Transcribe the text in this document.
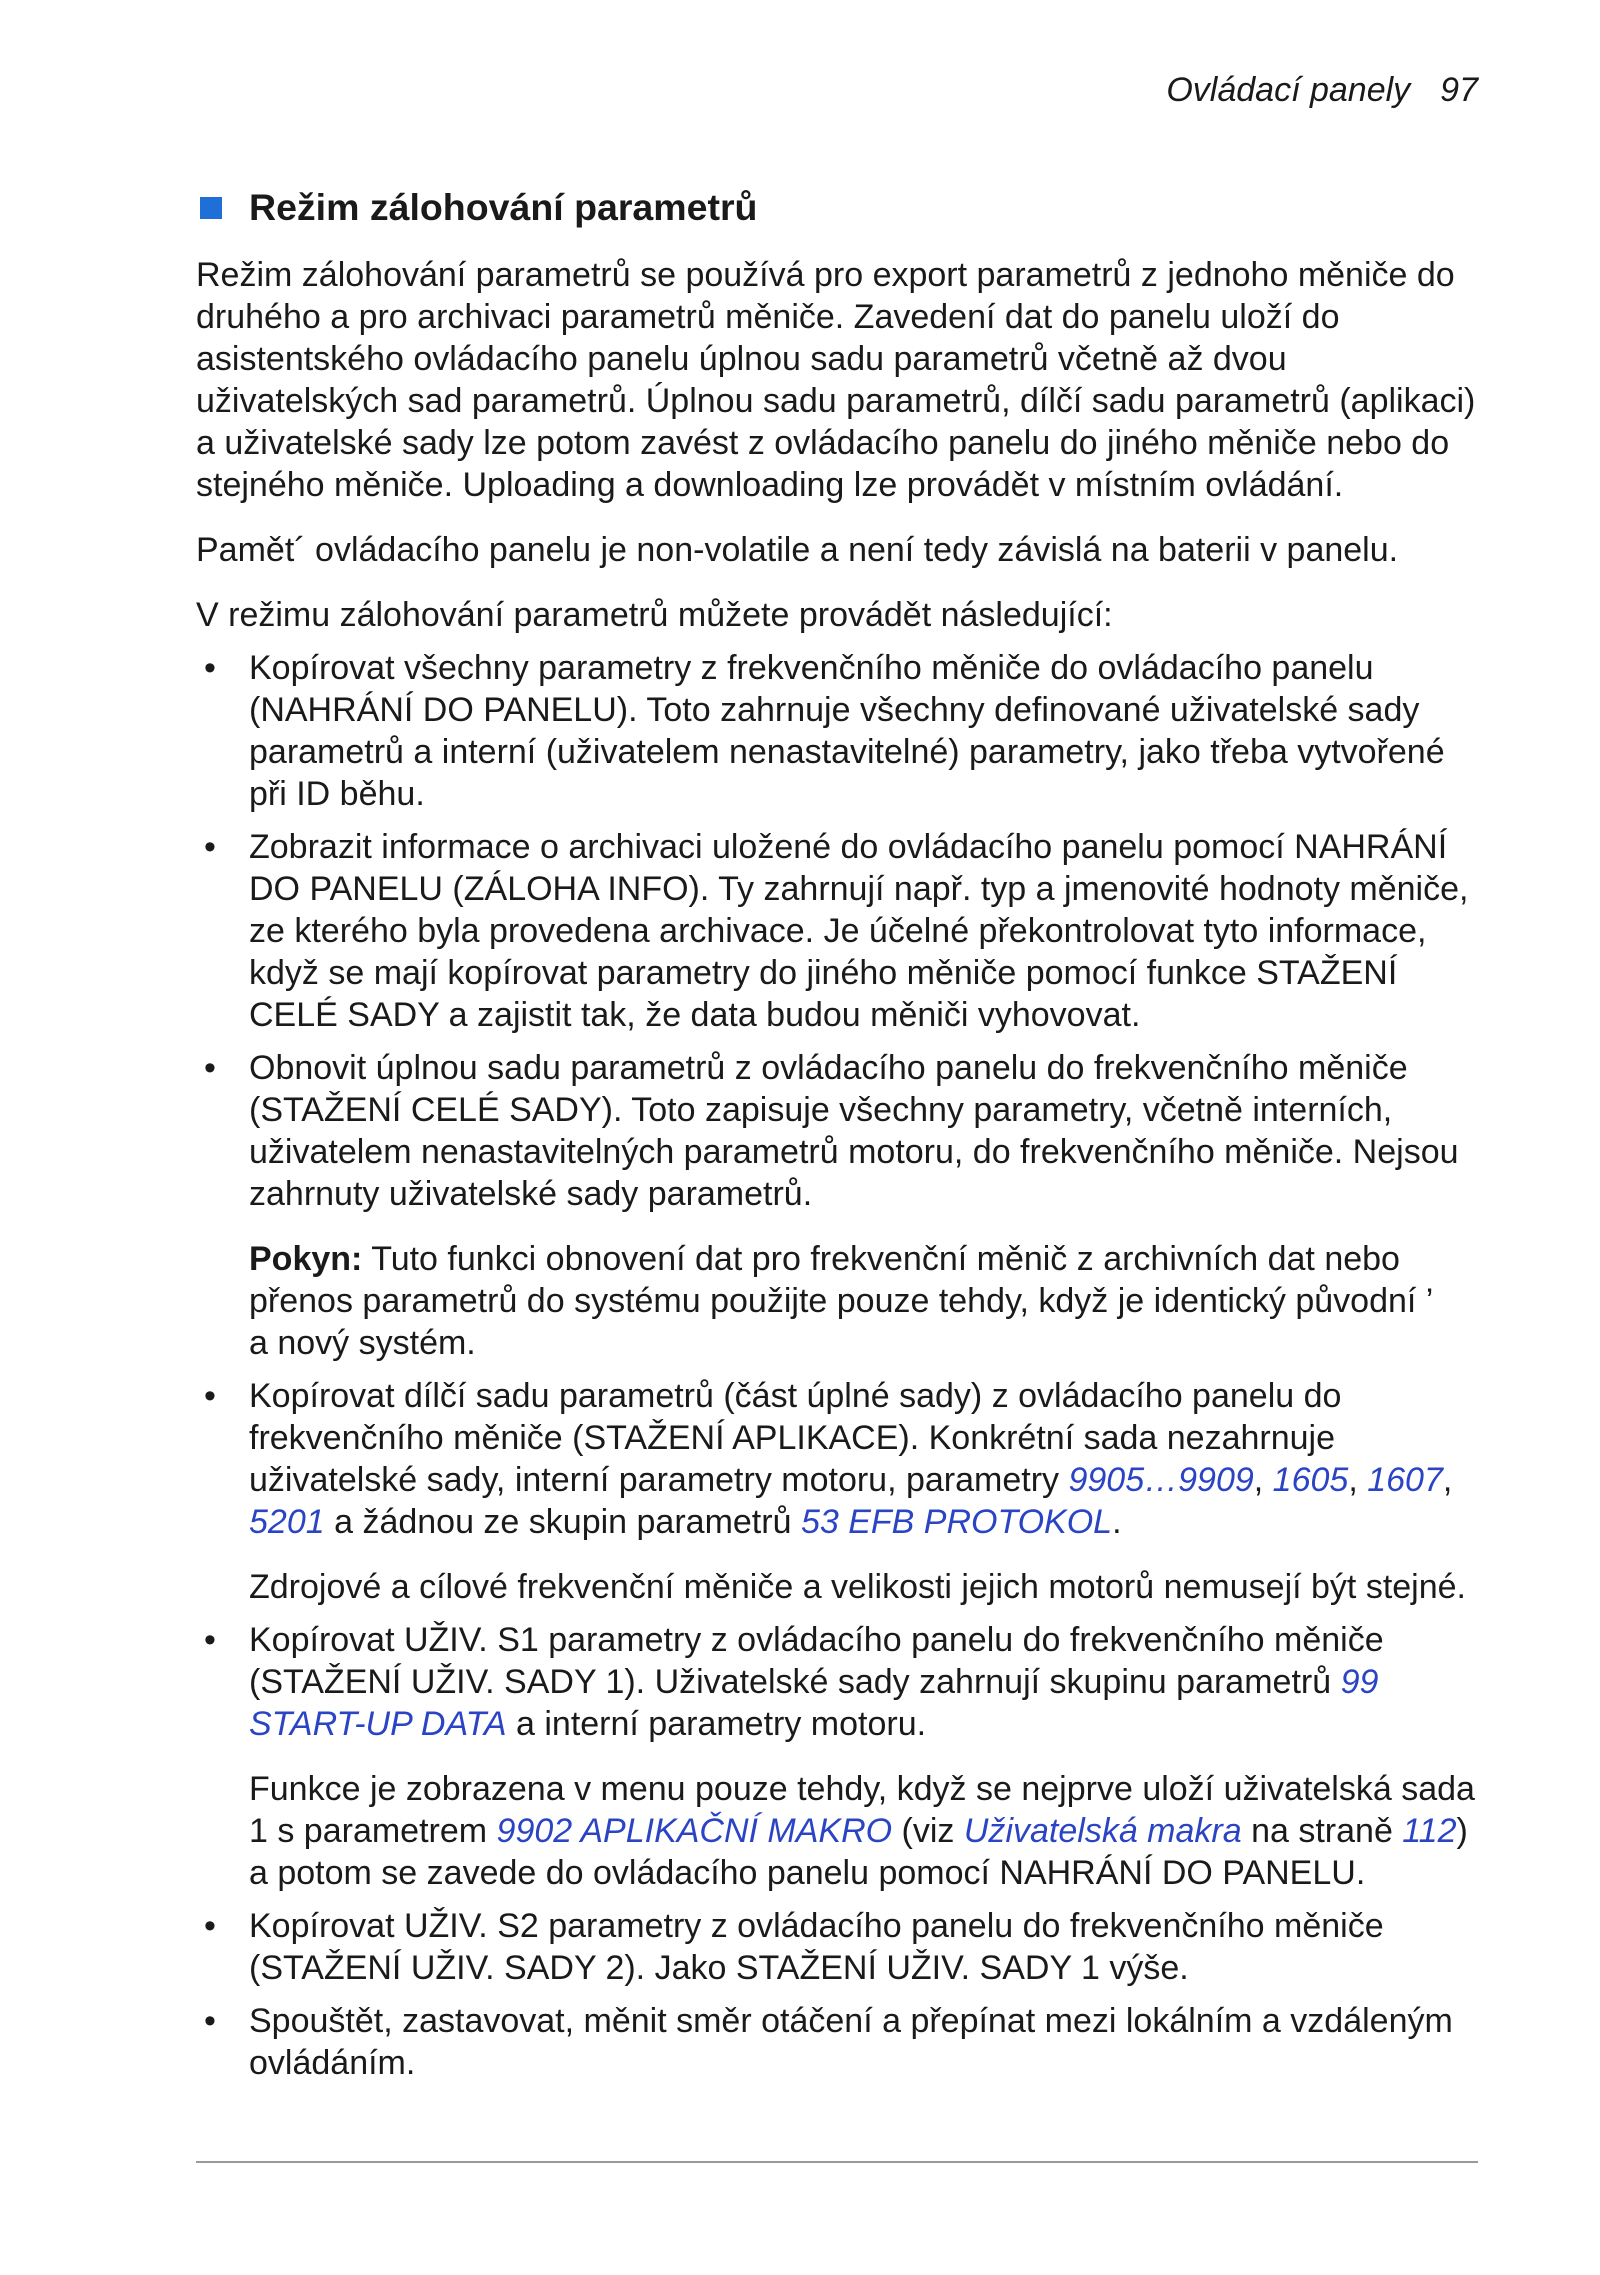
Ovládací panely 97
Režim zálohování parametrů
Režim zálohování parametrů se používá pro export parametrů z jednoho měniče do
druhého a pro archivaci parametrů měniče. Zavedení dat do panelu uloží do
asistentského ovládacího panelu úplnou sadu parametrů včetně až dvou
uživatelských sad parametrů. Úplnou sadu parametrů, dílčí sadu parametrů (aplikaci)
a uživatelské sady lze potom zavést z ovládacího panelu do jiného měniče nebo do
stejného měniče. Uploading a downloading lze provádět v místním ovládání.
Pamět´ ovládacího panelu je non-volatile a není tedy závislá na baterii v panelu.
V režimu zálohování parametrů můžete provádět následující:
• Kopírovat všechny parametry z frekvenčního měniče do ovládacího panelu
(NAHRÁNÍ DO PANELU). Toto zahrnuje všechny definované uživatelské sady
parametrů a interní (uživatelem nenastavitelné) parametry, jako třeba vytvořené
při ID běhu.
• Zobrazit informace o archivaci uložené do ovládacího panelu pomocí NAHRÁNÍ
DO PANELU (ZÁLOHA INFO). Ty zahrnují např. typ a jmenovité hodnoty měniče,
ze kterého byla provedena archivace. Je účelné překontrolovat tyto informace,
když se mají kopírovat parametry do jiného měniče pomocí funkce STAŽENÍ
CELÉ SADY a zajistit tak, že data budou měniči vyhovovat.
• Obnovit úplnou sadu parametrů z ovládacího panelu do frekvenčního měniče
(STAŽENÍ CELÉ SADY). Toto zapisuje všechny parametry, včetně interních,
uživatelem nenastavitelných parametrů motoru, do frekvenčního měniče. Nejsou
zahrnuty uživatelské sady parametrů.
Pokyn: Tuto funkci obnovení dat pro frekvenční měnič z archivních dat nebo
přenos parametrů do systému použijte pouze tehdy, když je identický původní ’
a nový systém.
• Kopírovat dílčí sadu parametrů (část úplné sady) z ovládacího panelu do
frekvenčního měniče (STAŽENÍ APLIKACE). Konkrétní sada nezahrnuje
uživatelské sady, interní parametry motoru, parametry 9905…9909, 1605, 1607,
5201 a žádnou ze skupin parametrů 53 EFB PROTOKOL.
Zdrojové a cílové frekvenční měniče a velikosti jejich motorů nemusejí být stejné.
• Kopírovat UŽIV. S1 parametry z ovládacího panelu do frekvenčního měniče
(STAŽENÍ UŽIV. SADY 1). Uživatelské sady zahrnují skupinu parametrů 99
START-UP DATA a interní parametry motoru.
Funkce je zobrazena v menu pouze tehdy, když se nejprve uloží uživatelská sada
1 s parametrem 9902 APLIKAČNÍ MAKRO (viz Uživatelská makra na straně 112)
a potom se zavede do ovládacího panelu pomocí NAHRÁNÍ DO PANELU.
• Kopírovat UŽIV. S2 parametry z ovládacího panelu do frekvenčního měniče
(STAŽENÍ UŽIV. SADY 2). Jako STAŽENÍ UŽIV. SADY 1 výše.
• Spouštět, zastavovat, měnit směr otáčení a přepínat mezi lokálním a vzdáleným
ovládáním.
